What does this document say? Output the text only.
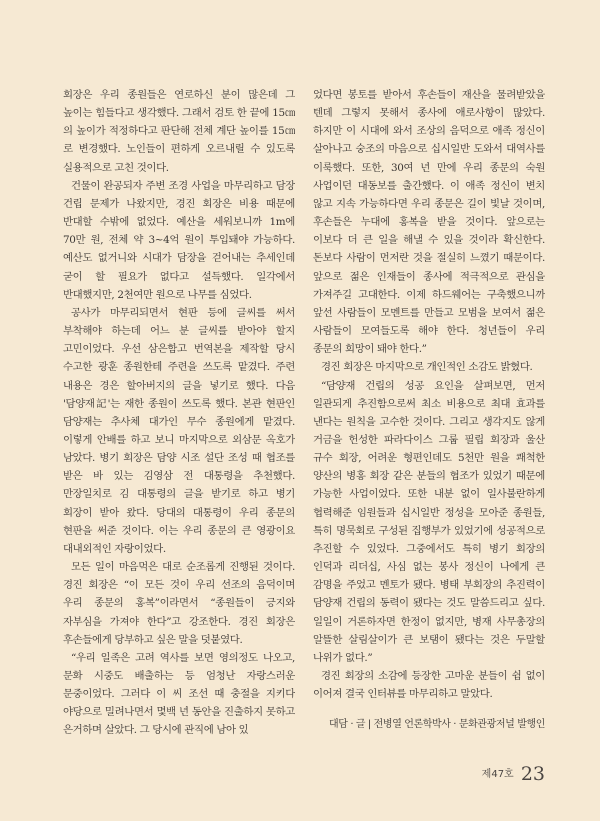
회장은 우리 종원들은 연로하신 분이 많은데 그 높이는 힘들다고 생각했다. 그래서 검토 한 끝에 15㎝의 높이가 적정하다고 판단해 전체 계단 높이를 15㎝로 변경했다. 노인들이 편하게 오르내릴 수 있도록 실용적으로 고친 것이다.

건물이 완공되자 주변 조경 사업을 마무리하고 담장 건립 문제가 나왔지만, 경진 회장은 비용 때문에 반대할 수밖에 없었다. 예산을 세워보니까 1m에 70만 원, 전체 약 3~4억 원이 투입돼야 가능하다. 예산도 없거니와 시대가 담장을 걷어내는 추세인데 굳이 할 필요가 없다고 설득했다. 일각에서 반대했지만, 2천여만 원으로 나무를 심었다.

공사가 마무리되면서 현판 등에 글씨를 써서 부착해야 하는데 어느 분 글씨를 받아야 할지 고민이었다. 우선 삼은함고 번역본을 제작할 당시 수고한 광훈 종원한테 주련을 쓰도록 맡겼다. 주련 내용은 경은 할아버지의 글을 넣기로 했다. 다음 '담양재記'는 재한 종원이 쓰도록 했다. 본관 현판인 담양재는 추사체 대가인 무수 종원에게 맡겼다. 이렇게 안배를 하고 보니 마지막으로 외삼문 옥호가 남았다. 병기 회장은 담양 시조 설단 조성 때 협조를 받은 바 있는 김영삼 전 대통령을 추천했다. 만장일치로 김 대통령의 글을 받기로 하고 병기 회장이 받아 왔다. 당대의 대통령이 우리 종문의 현판을 써준 것이다. 이는 우리 종문의 큰 영광이요 대내외적인 자랑이었다.

모든 일이 마음먹은 대로 순조롭게 진행된 것이다. 경진 회장은 “이 모든 것이 우리 선조의 음덕이며 우리 종문의 홍복”이라면서 “종원들이 긍지와 자부심을 가져야 한다”고 강조한다. 경진 회장은 후손들에게 당부하고 싶은 말을 덧붙였다.

“우리 일족은 고려 역사를 보면 영의정도 나오고, 문화 시중도 배출하는 등 엄청난 자랑스러운 문중이었다. 그러다 이 씨 조선 때 충절을 지키다 야당으로 밀려나면서 몇백 년 동안을 진출하지 못하고 은거하며 살았다. 그 당시에 관직에 남아 있

었다면 봉토를 받아서 후손들이 재산을 물려받았을 텐데 그렇지 못해서 종사에 애로사항이 많았다. 하지만 이 시대에 와서 조상의 음덕으로 애족 정신이 살아나고 숭조의 마음으로 십시일반 도와서 대역사를 이룩했다. 또한, 30여 년 만에 우리 종문의 숙원 사업이던 대동보를 출간했다. 이 애족 정신이 변치 않고 지속 가능하다면 우리 종문은 길이 빛날 것이며, 후손들은 누대에 홍복을 받을 것이다. 앞으로는 이보다 더 큰 일을 해낼 수 있을 것이라 확신한다. 돈보다 사람이 먼저란 것을 절실히 느꼈기 때문이다. 앞으로 젊은 인재들이 종사에 적극적으로 관심을 가져주길 고대한다. 이제 하드웨어는 구축했으니까 앞선 사람들이 모멘트를 만들고 모범을 보여서 젊은 사람들이 모여들도록 해야 한다. 청년들이 우리 종문의 희망이 돼야 한다.”

경진 회장은 마지막으로 개인적인 소감도 밝혔다.

“담양재 건립의 성공 요인을 살펴보면, 먼저 일관되게 추진함으로써 최소 비용으로 최대 효과를 낸다는 원칙을 고수한 것이다. 그리고 생각지도 않게 거금을 헌성한 파라다이스 그룹 필립 회장과 울산 규수 회장, 어려운 형편인데도 5천만 원을 쾌척한 양산의 병홍 회장 같은 분들의 협조가 있었기 때문에 가능한 사업이었다. 또한 내분 없이 일사불란하게 협력해준 임원들과 십시일반 정성을 모아준 종원들, 특히 명묵회로 구성된 집행부가 있었기에 성공적으로 추진할 수 있었다. 그중에서도 특히 병기 회장의 인덕과 리더십, 사심 없는 봉사 정신이 나에게 큰 감명을 주었고 멘토가 됐다. 병태 부회장의 추진력이 담양재 건립의 동력이 됐다는 것도 말씀드리고 싶다. 일일이 거론하자면 한정이 없지만, 병재 사무총장의 알뜰한 살림살이가 큰 보탬이 됐다는 것은 두말할 나위가 없다.”

경진 회장의 소감에 등장한 고마운 분들이 쉼 없이 이어져 결국 인터뷰를 마무리하고 말았다.

대담 · 글 | 전병열 언론학박사 · 문화관광저널 발행인
제47호 23
